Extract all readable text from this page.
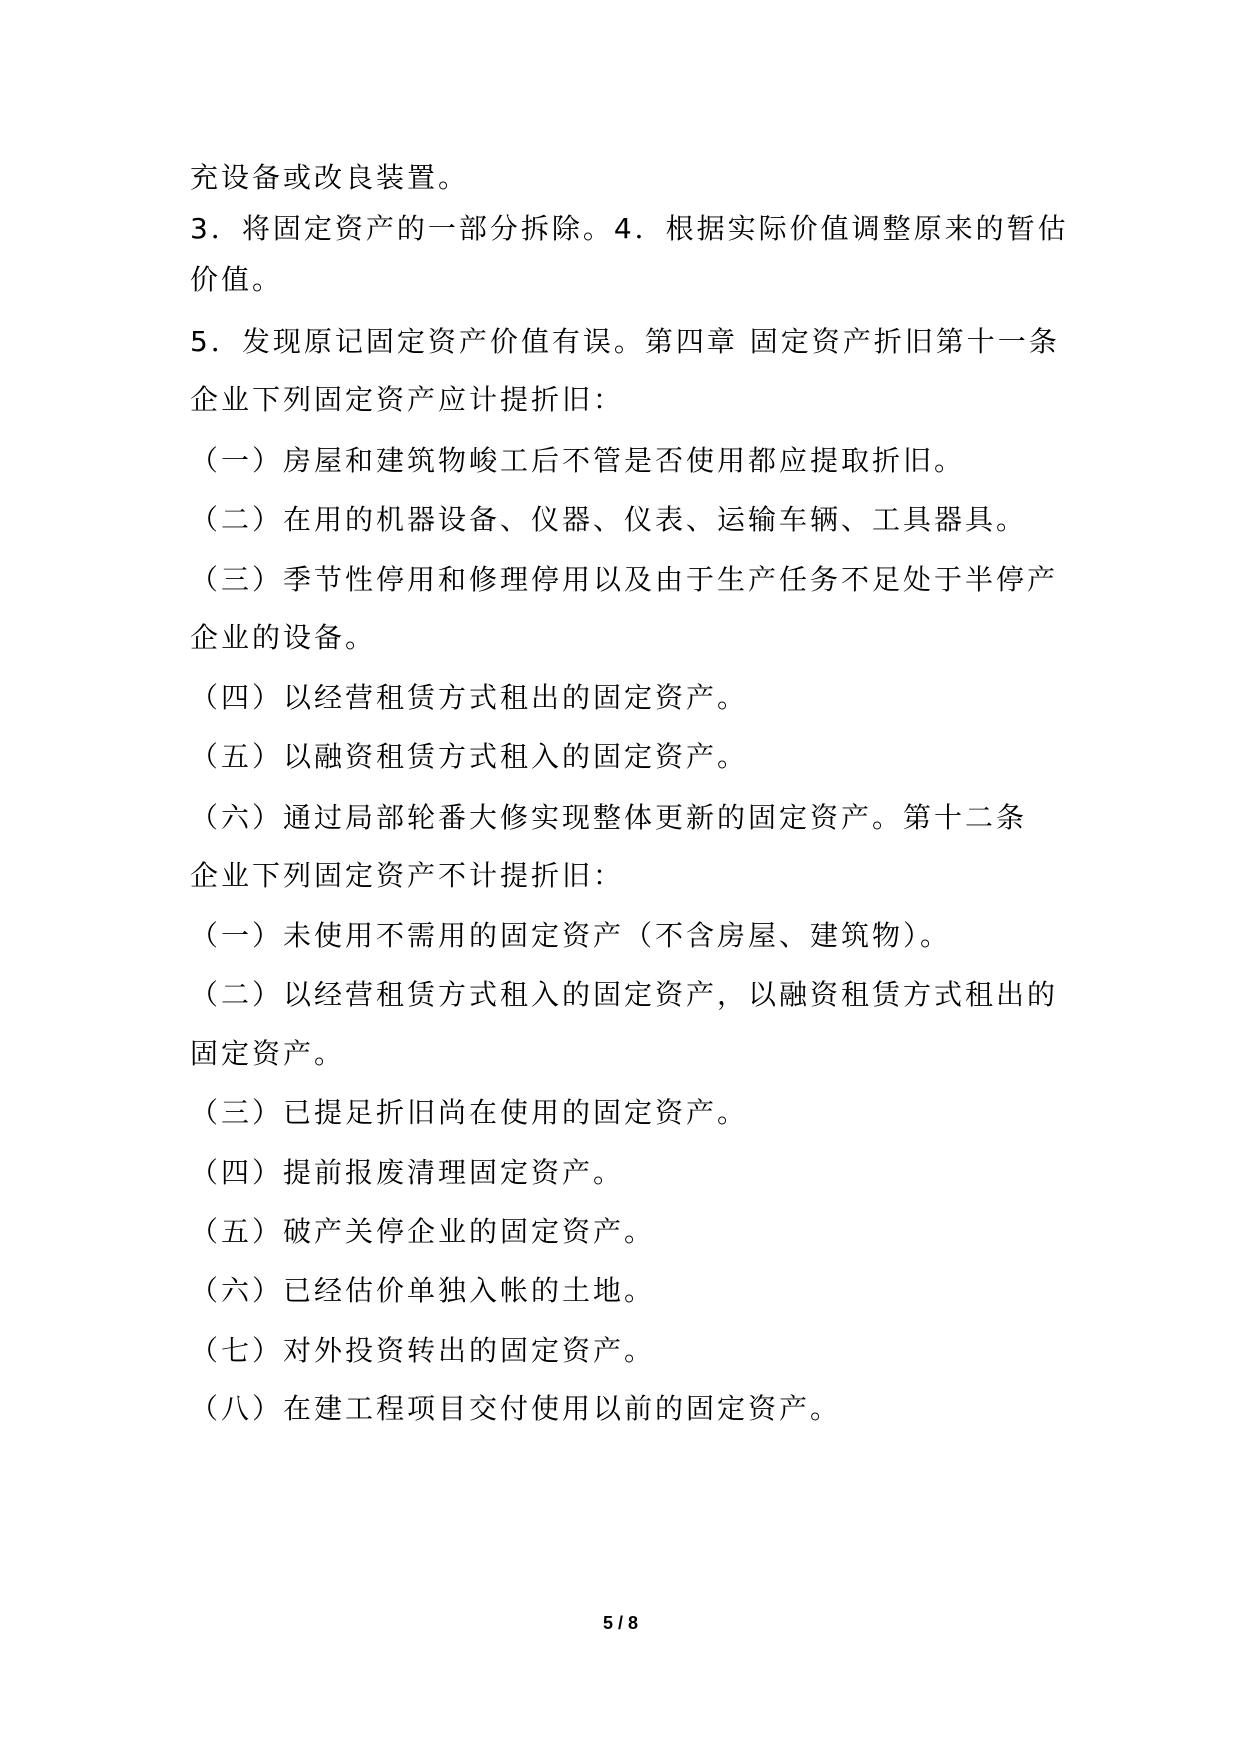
充设备或改良装置。
3．将固定资产的一部分拆除。4．根据实际价值调整原来的暂估
价值。
5．发现原记固定资产价值有误。第四章 固定资产折旧第十一条
企业下列固定资产应计提折旧：
（一）房屋和建筑物峻工后不管是否使用都应提取折旧。
（二）在用的机器设备、仪器、仪表、运输车辆、工具器具。
（三）季节性停用和修理停用以及由于生产任务不足处于半停产
企业的设备。
（四）以经营租赁方式租出的固定资产。
（五）以融资租赁方式租入的固定资产。
（六）通过局部轮番大修实现整体更新的固定资产。第十二条
企业下列固定资产不计提折旧：
（一）未使用不需用的固定资产（不含房屋、建筑物）。
（二）以经营租赁方式租入的固定资产，以融资租赁方式租出的
固定资产。
（三）已提足折旧尚在使用的固定资产。
（四）提前报废清理固定资产。
（五）破产关停企业的固定资产。
（六）已经估价单独入帐的土地。
（七）对外投资转出的固定资产。
（八）在建工程项目交付使用以前的固定资产。
5 / 8
